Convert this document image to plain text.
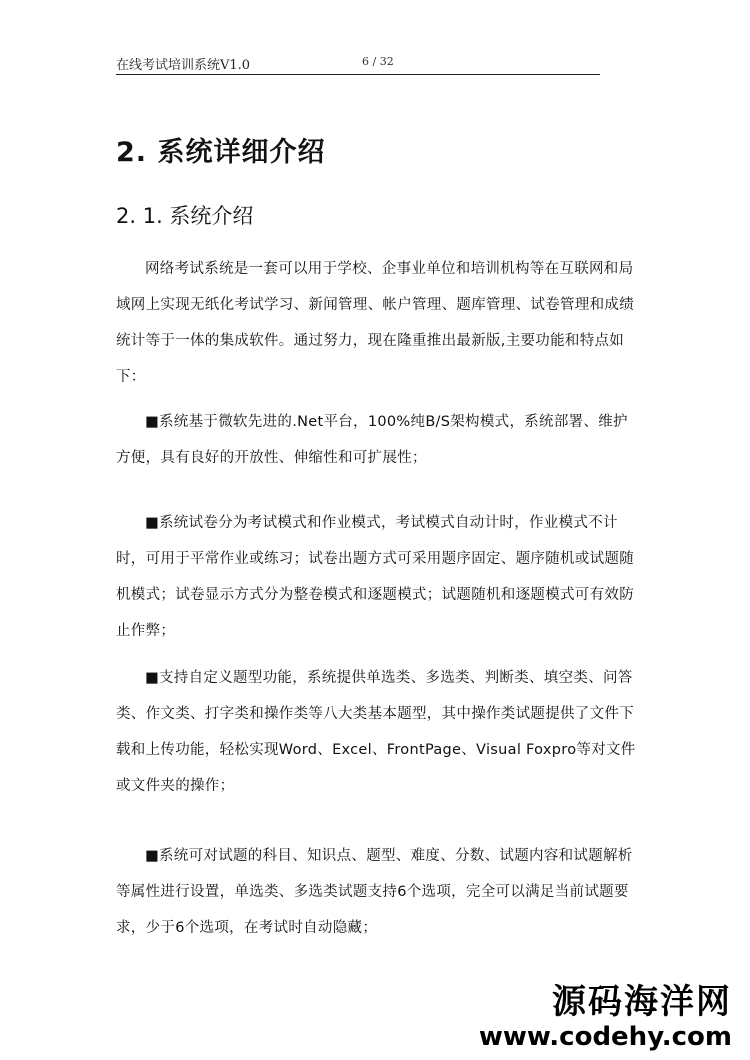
在线考试培训系统V1.0	6 / 32
2. 系统详细介绍
2. 1. 系统介绍
网络考试系统是一套可以用于学校、企事业单位和培训机构等在互联网和局域网上实现无纸化考试学习、新闻管理、帐户管理、题库管理、试卷管理和成绩统计等于一体的集成软件。通过努力，现在隆重推出最新版,主要功能和特点如下：
■系统基于微软先进的.Net平台，100%纯B/S架构模式，系统部署、维护方便，具有良好的开放性、伸缩性和可扩展性；
■系统试卷分为考试模式和作业模式，考试模式自动计时，作业模式不计时，可用于平常作业或练习；试卷出题方式可采用题序固定、题序随机或试题随机模式；试卷显示方式分为整卷模式和逐题模式；试题随机和逐题模式可有效防止作弊；
■支持自定义题型功能，系统提供单选类、多选类、判断类、填空类、问答类、作文类、打字类和操作类等八大类基本题型，其中操作类试题提供了文件下载和上传功能，轻松实现Word、Excel、FrontPage、Visual Foxpro等对文件或文件夹的操作；
■系统可对试题的科目、知识点、题型、难度、分数、试题内容和试题解析等属性进行设置，单选类、多选类试题支持6个选项，完全可以满足当前试题要求，少于6个选项，在考试时自动隐藏；
源码海洋网
www.codehy.com
